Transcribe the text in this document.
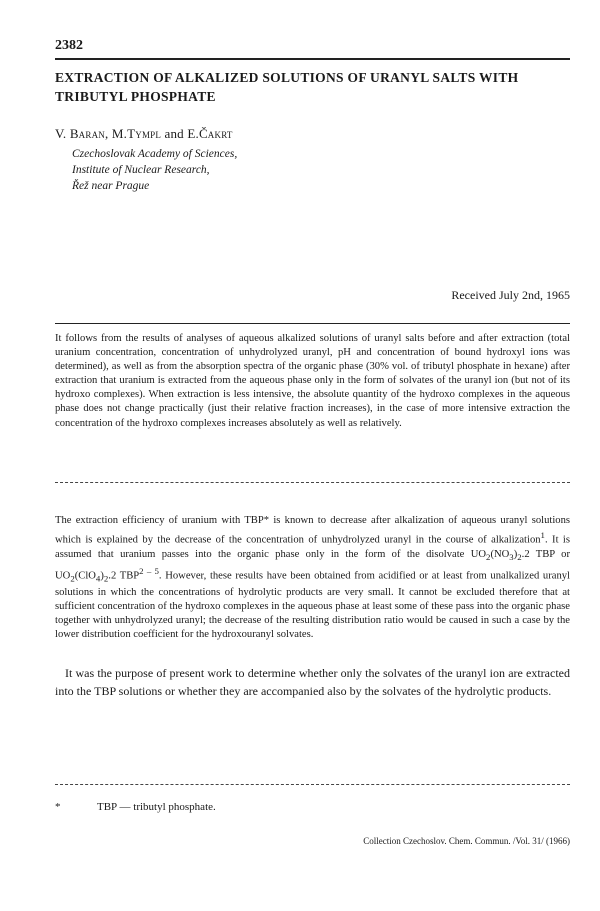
2382
EXTRACTION OF ALKALIZED SOLUTIONS OF URANYL SALTS WITH TRIBUTYL PHOSPHATE
V. Baran, M.Tympl and E.Čakrt
Czechoslovak Academy of Sciences,
Institute of Nuclear Research,
Řež near Prague
Received July 2nd, 1965

It follows from the results of analyses of aqueous alkalized solutions of uranyl salts before and after extraction (total uranium concentration, concentration of unhydrolyzed uranyl, pH and concentration of bound hydroxyl ions was determined), as well as from the absorption spectra of the organic phase (30% vol. of tributyl phosphate in hexane) after extraction that uranium is extracted from the aqueous phase only in the form of solvates of the uranyl ion (but not of its hydroxo complexes). When extraction is less intensive, the absolute quantity of the hydroxo complexes in the aqueous phase does not change practically (just their relative fraction increases), in the case of more intensive extraction the concentration of the hydroxo complexes increases absolutely as well as relatively.

The extraction efficiency of uranium with TBP* is known to decrease after alkalization of aqueous uranyl solutions which is explained by the decrease of the concentration of unhydrolyzed uranyl in the course of alkalization$^1$. It is assumed that uranium passes into the organic phase only in the form of the disolvate $UO_2(NO_3)_2.2$ TBP or $UO_2(ClO_4)_2.2$ TBP$^{2 - 5}$. However, these results have been obtained from acidified or at least from unalkalized uranyl solutions in which the concentrations of hydrolytic products are very small. It cannot be excluded therefore that at sufficient concentration of the hydroxo complexes in the aqueous phase at least some of these pass into the organic phase together with unhydrolyzed uranyl; the decrease of the resulting distribution ratio would be caused in such a case by the lower distribution coefficient for the hydroxouranyl solvates.

It was the purpose of present work to determine whether only the solvates of the uranyl ion are extracted into the TBP solutions or whether they are accompanied also by the solvates of the hydrolytic products.

*	TBP — tributyl phosphate.
Collection Czechoslov. Chem. Commun. /Vol. 31/ (1966)
